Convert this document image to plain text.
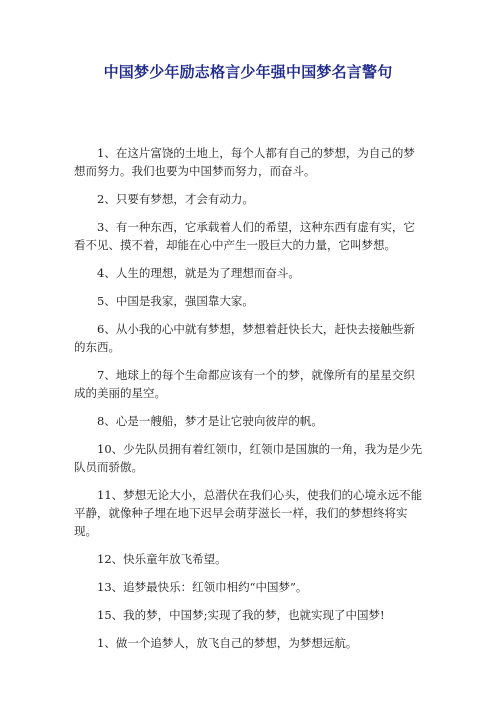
中国梦少年励志格言少年强中国梦名言警句

1、在这片富饶的土地上，每个人都有自己的梦想，为自己的梦想而努力。我们也要为中国梦而努力，而奋斗。

2、只要有梦想，才会有动力。

3、有一种东西，它承载着人们的希望，这种东西有虚有实，它看不见、摸不着，却能在心中产生一股巨大的力量，它叫梦想。

4、人生的理想，就是为了理想而奋斗。

5、中国是我家，强国靠大家。

6、从小我的心中就有梦想，梦想着赶快长大，赶快去接触些新的东西。

7、地球上的每个生命都应该有一个的梦，就像所有的星星交织成的美丽的星空。

8、心是一艘船，梦才是让它驶向彼岸的帆。

10、少先队员拥有着红领巾，红领巾是国旗的一角，我为是少先队员而骄傲。

11、梦想无论大小，总潜伏在我们心头，使我们的心境永远不能平静，就像种子埋在地下迟早会萌芽滋长一样，我们的梦想终将实现。

12、快乐童年放飞希望。

13、追梦最快乐：红领巾相约“中国梦”。

15、我的梦，中国梦;实现了我的梦，也就实现了中国梦!

1、做一个追梦人，放飞自己的梦想，为梦想远航。
